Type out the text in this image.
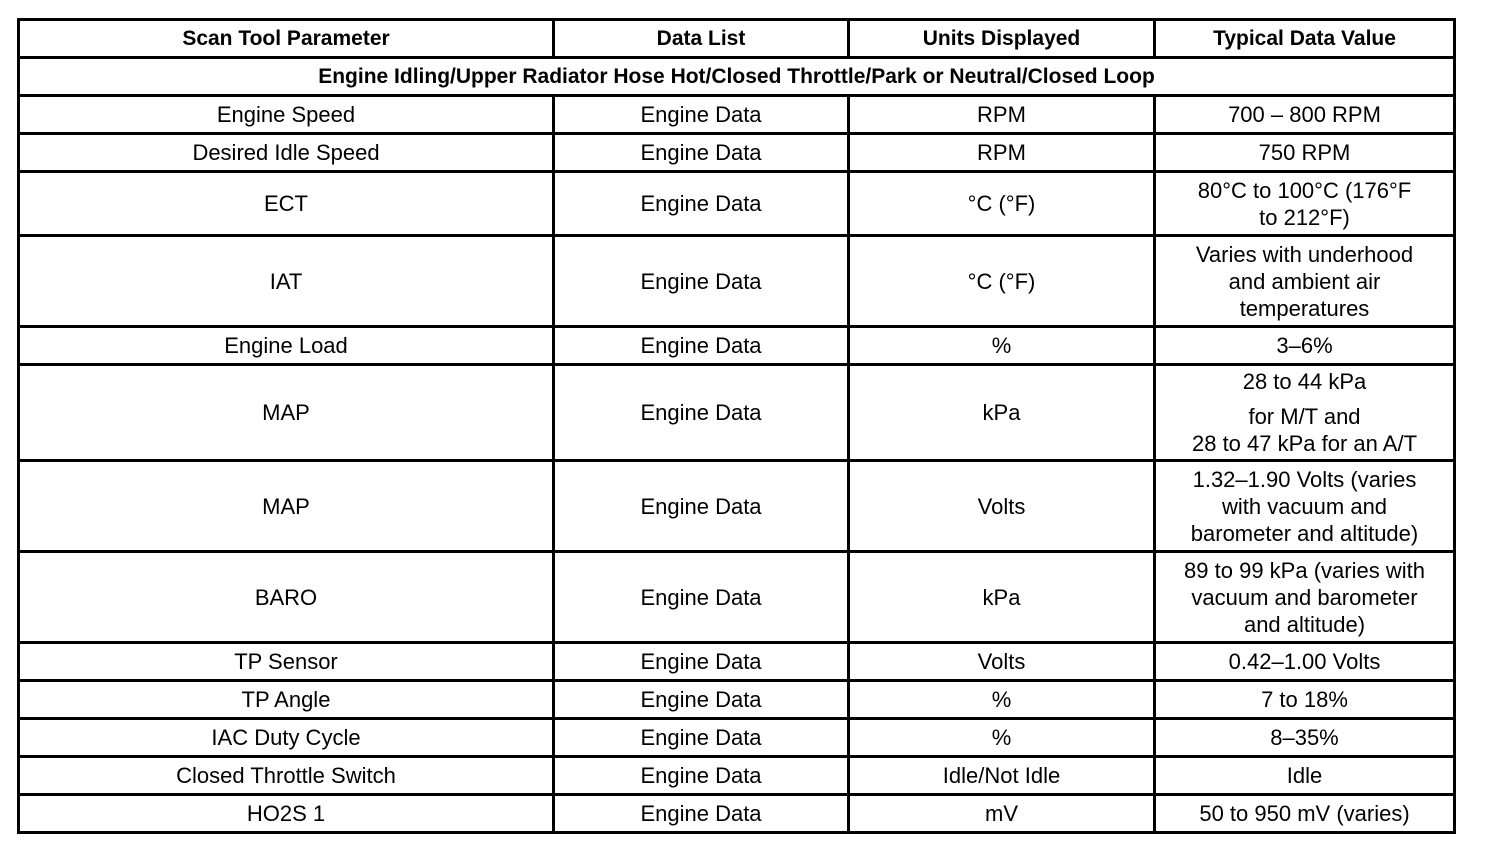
Scan Tool Parameter	Data List	Units Displayed	Typical Data Value
Engine Idling/Upper Radiator Hose Hot/Closed Throttle/Park or Neutral/Closed Loop			
Engine Speed	Engine Data	RPM	700 – 800 RPM

Desired Idle Speed	Engine Data	RPM	750 RPM

ECT	Engine Data	°C (°F)	80°C to 100°C (176°F
to 212°F)

IAT	Engine Data	°C (°F)	Varies with underhood
and ambient air
temperatures

Engine Load	Engine Data	%	3–6%

MAP	Engine Data	kPa	28 to 44 kPa
for M/T and
28 to 47 kPa for an A/T

MAP	Engine Data	Volts	1.32–1.90 Volts (varies
with vacuum and
barometer and altitude)

BARO	Engine Data	kPa	89 to 99 kPa (varies with
vacuum and barometer
and altitude)

TP Sensor	Engine Data	Volts	0.42–1.00 Volts

TP Angle	Engine Data	%	7 to 18%

IAC Duty Cycle	Engine Data	%	8–35%

Closed Throttle Switch	Engine Data	Idle/Not Idle	Idle

HO2S 1	Engine Data	mV	50 to 950 mV (varies)
